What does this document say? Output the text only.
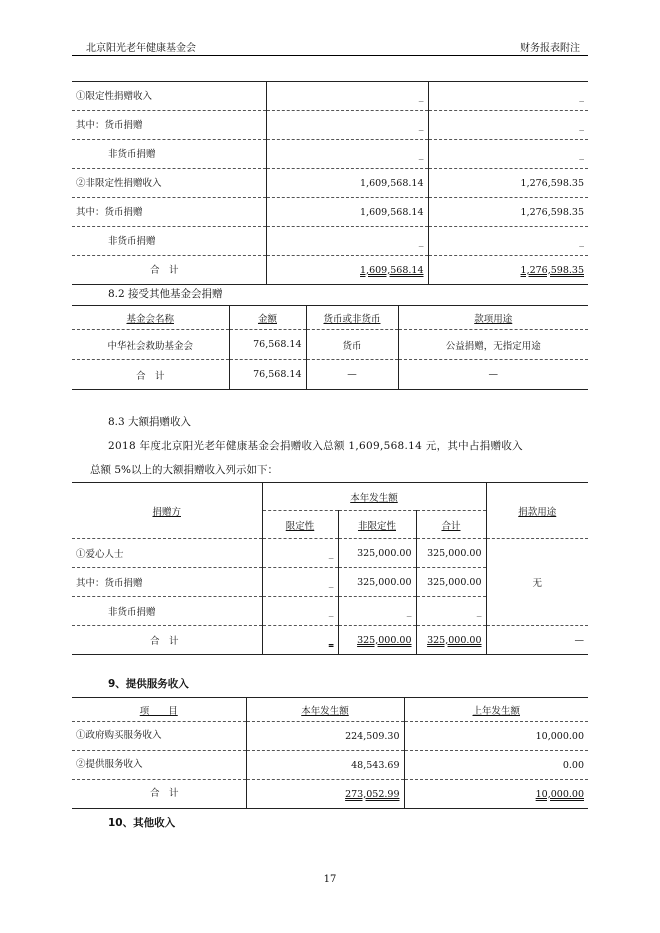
北京阳光老年健康基金会	财务报表附注
①限定性捐赠收入	_	_
其中：货币捐赠	_	_
非货币捐赠	_	_
②非限定性捐赠收入	1,609,568.14	1,276,598.35
其中：货币捐赠	1,609,568.14	1,276,598.35
非货币捐赠	_	_
合　计	1,609,568.14	1,276,598.35
8.2 接受其他基金会捐赠
基金会名称	金额	货币或非货币	款项用途
中华社会救助基金会	76,568.14	货币	公益捐赠，无指定用途
合　计	76,568.14	—	—
8.3 大额捐赠收入
2018 年度北京阳光老年健康基金会捐赠收入总额 1,609,568.14 元，其中占捐赠收入
总额 5%以上的大额捐赠收入列示如下：
捐赠方	本年发生额			捐款用途
	限定性	非限定性	合计	
①爱心人士	_	325,000.00	325,000.00	无
其中：货币捐赠	_	325,000.00	325,000.00	
非货币捐赠	_	_	_	
合　计	_	325,000.00	325,000.00	—
9、提供服务收入
项　　目	本年发生额	上年发生额
①政府购买服务收入	224,509.30	10,000.00
②提供服务收入	48,543.69	0.00
合　计	273,052.99	10,000.00
10、其他收入
17
